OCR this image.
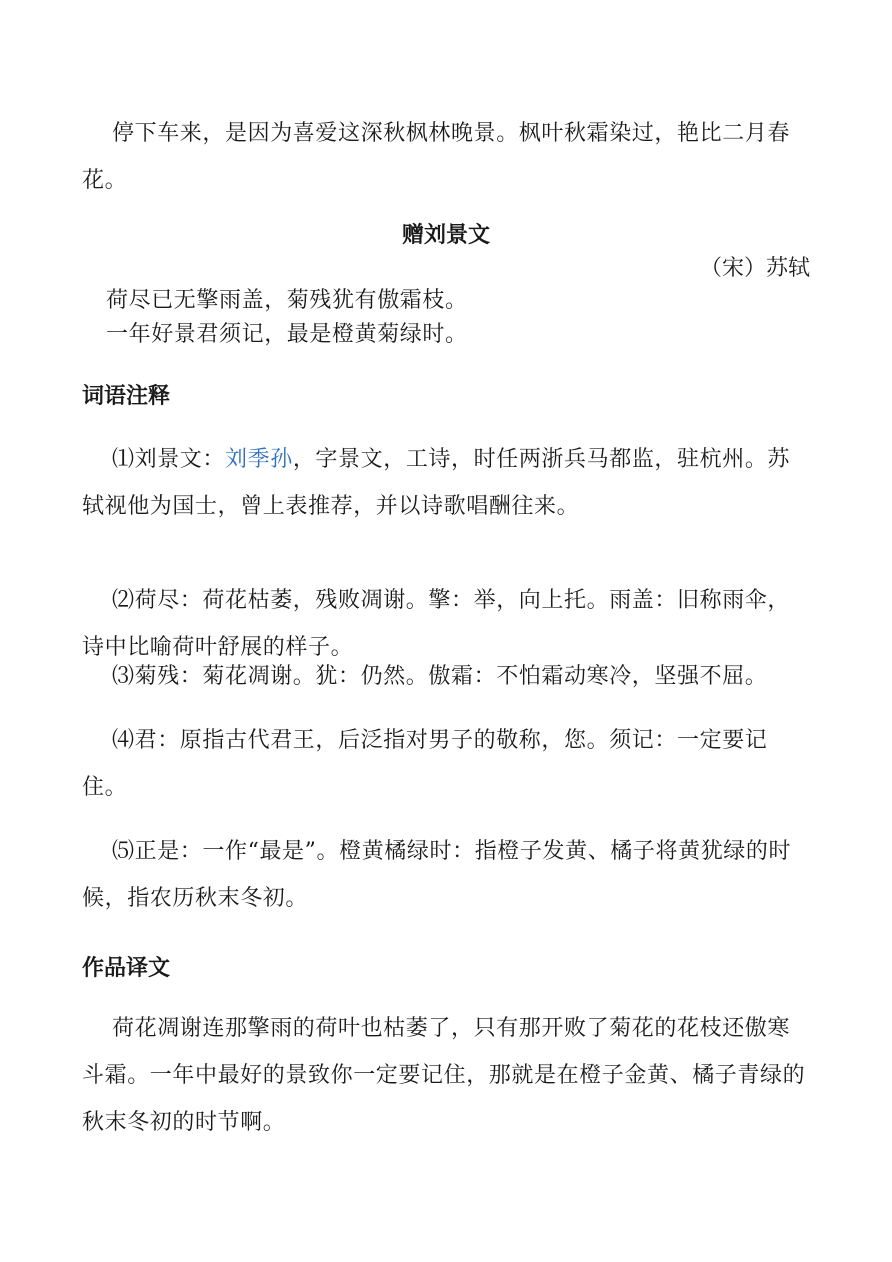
停下车来，是因为喜爱这深秋枫林晚景。枫叶秋霜染过，艳比二月春花。

赠刘景文
（宋）苏轼
荷尽已无擎雨盖，菊残犹有傲霜枝。
一年好景君须记，最是橙黄菊绿时。
词语注释

⑴刘景文：刘季孙，字景文，工诗，时任两浙兵马都监，驻杭州。苏轼视他为国士，曾上表推荐，并以诗歌唱酬往来。

⑵荷尽：荷花枯萎，残败凋谢。擎：举，向上托。雨盖：旧称雨伞，诗中比喻荷叶舒展的样子。

⑶菊残：菊花凋谢。犹：仍然。傲霜：不怕霜动寒冷，坚强不屈。

⑷君：原指古代君王，后泛指对男子的敬称，您。须记：一定要记住。

⑸正是：一作“最是”。橙黄橘绿时：指橙子发黄、橘子将黄犹绿的时候，指农历秋末冬初。

作品译文

荷花凋谢连那擎雨的荷叶也枯萎了，只有那开败了菊花的花枝还傲寒斗霜。一年中最好的景致你一定要记住，那就是在橙子金黄、橘子青绿的秋末冬初的时节啊。
